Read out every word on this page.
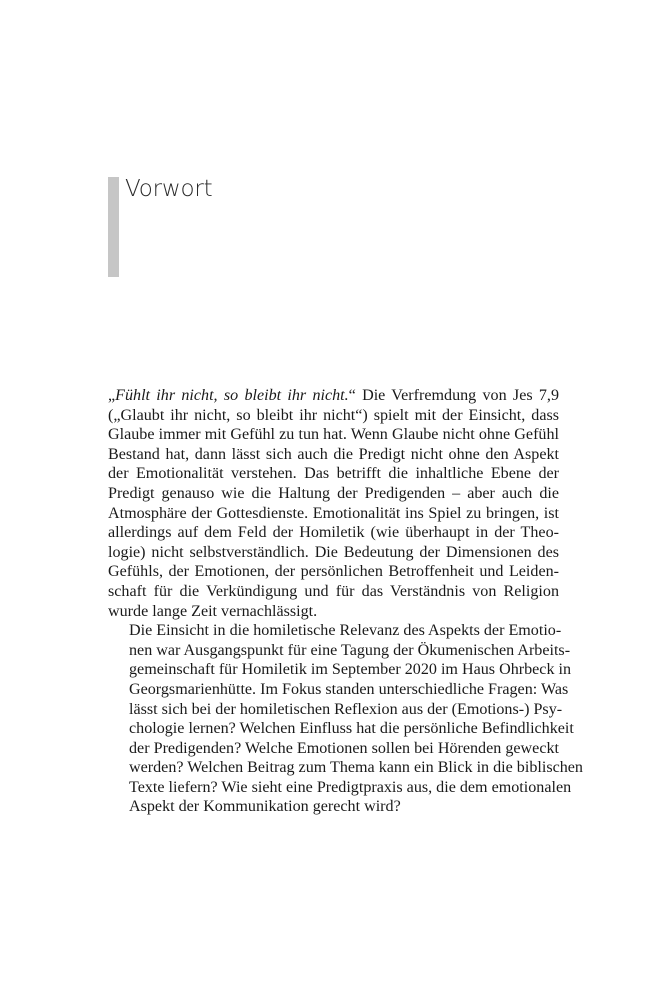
Vorwort

„Fühlt ihr nicht, so bleibt ihr nicht.“ Die Verfremdung von Jes 7,9
(„Glaubt ihr nicht, so bleibt ihr nicht“) spielt mit der Einsicht, dass
Glaube immer mit Gefühl zu tun hat. Wenn Glaube nicht ohne Gefühl
Bestand hat, dann lässt sich auch die Predigt nicht ohne den Aspekt
der Emotionalität verstehen. Das betrifft die inhaltliche Ebene der
Predigt genauso wie die Haltung der Predigenden – aber auch die
Atmosphäre der Gottesdienste. Emotionalität ins Spiel zu bringen, ist
allerdings auf dem Feld der Homiletik (wie überhaupt in der Theo-
logie) nicht selbstverständlich. Die Bedeutung der Dimensionen des
Gefühls, der Emotionen, der persönlichen Betroffenheit und Leiden-
schaft für die Verkündigung und für das Verständnis von Religion
wurde lange Zeit vernachlässigt.

Die Einsicht in die homiletische Relevanz des Aspekts der Emotio-
nen war Ausgangspunkt für eine Tagung der Ökumenischen Arbeits-
gemeinschaft für Homiletik im September 2020 im Haus Ohrbeck in
Georgsmarienhütte. Im Fokus standen unterschiedliche Fragen: Was
lässt sich bei der homiletischen Reflexion aus der (Emotions-) Psy-
chologie lernen? Welchen Einfluss hat die persönliche Befindlichkeit
der Predigenden? Welche Emotionen sollen bei Hörenden geweckt
werden? Welchen Beitrag zum Thema kann ein Blick in die biblischen
Texte liefern? Wie sieht eine Predigtpraxis aus, die dem emotionalen
Aspekt der Kommunikation gerecht wird?
